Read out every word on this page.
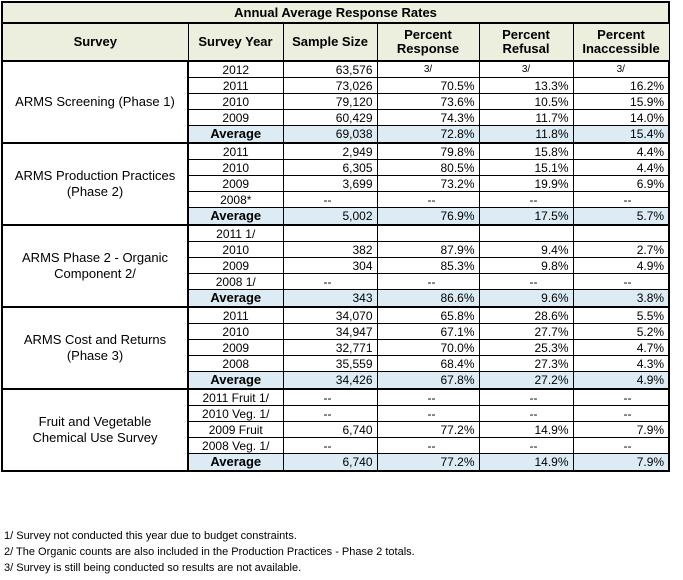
Annual Average Response Rates					
Survey	Survey Year	Sample Size	Percent Response	Percent Refusal	Percent Inaccessible
ARMS Screening (Phase 1)	2012	63,576	3/	3/	3/
	2011	73,026	70.5%	13.3%	16.2%
	2010	79,120	73.6%	10.5%	15.9%
	2009	60,429	74.3%	11.7%	14.0%
	Average	69,038	72.8%	11.8%	15.4%
ARMS Production Practices (Phase 2)	2011	2,949	79.8%	15.8%	4.4%
	2010	6,305	80.5%	15.1%	4.4%
	2009	3,699	73.2%	19.9%	6.9%
	2008*	--	--	--	--
	Average	5,002	76.9%	17.5%	5.7%
ARMS Phase 2 - Organic Component 2/	2011 1/				
	2010	382	87.9%	9.4%	2.7%
	2009	304	85.3%	9.8%	4.9%
	2008 1/	--	--	--	--
	Average	343	86.6%	9.6%	3.8%
ARMS Cost and Returns (Phase 3)	2011	34,070	65.8%	28.6%	5.5%
	2010	34,947	67.1%	27.7%	5.2%
	2009	32,771	70.0%	25.3%	4.7%
	2008	35,559	68.4%	27.3%	4.3%
	Average	34,426	67.8%	27.2%	4.9%
Fruit and Vegetable Chemical Use Survey	2011 Fruit 1/	--	--	--	--
	2010 Veg. 1/	--	--	--	--
	2009 Fruit	6,740	77.2%	14.9%	7.9%
	2008 Veg. 1/	--	--	--	--
	Average	6,740	77.2%	14.9%	7.9%
1/ Survey not conducted this year due to budget constraints.
2/ The Organic counts are also included in the Production Practices - Phase 2 totals.
3/ Survey is still being conducted so results are not available.
